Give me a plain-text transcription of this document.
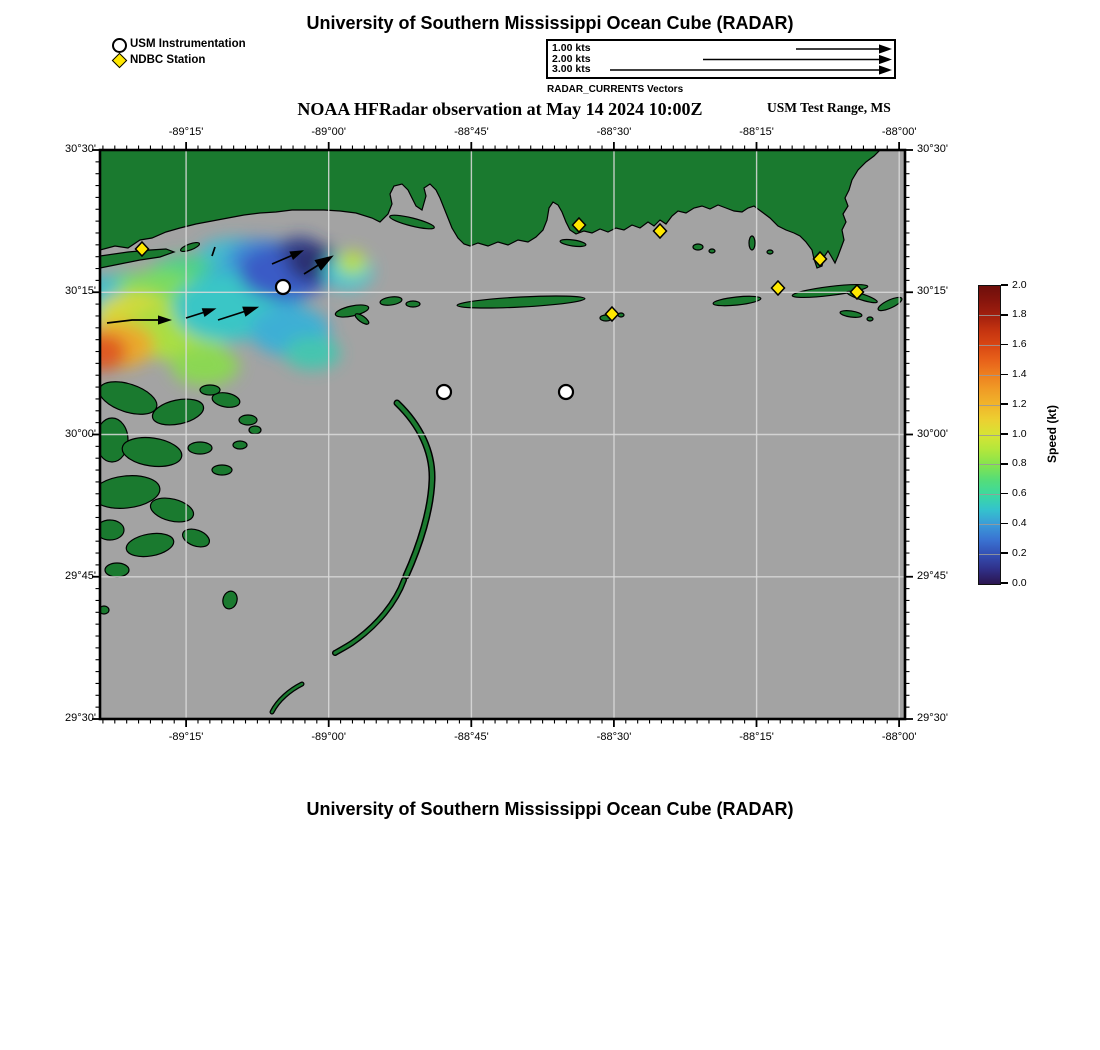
University of Southern Mississippi Ocean Cube (RADAR)
USM Instrumentation
NDBC Station
1.00 kts
2.00 kts
3.00 kts
RADAR_CURRENTS Vectors
NOAA HFRadar observation at May 14 2024 10:00Z	USM Test Range, MS
-89°15'
-89°15'
-89°00'
-89°00'
-88°45'
-88°45'
-88°30'
-88°30'
-88°15'
-88°15'
-88°00'
-88°00'
30°30'	30°30'
30°15'	30°15'
30°00'	30°00'
29°45'	29°45'
29°30'	29°30'
0.0
0.2
0.4
0.6
0.8
1.0
1.2
1.4
1.6
1.8
2.0
Speed (kt)
University of Southern Mississippi Ocean Cube (RADAR)
